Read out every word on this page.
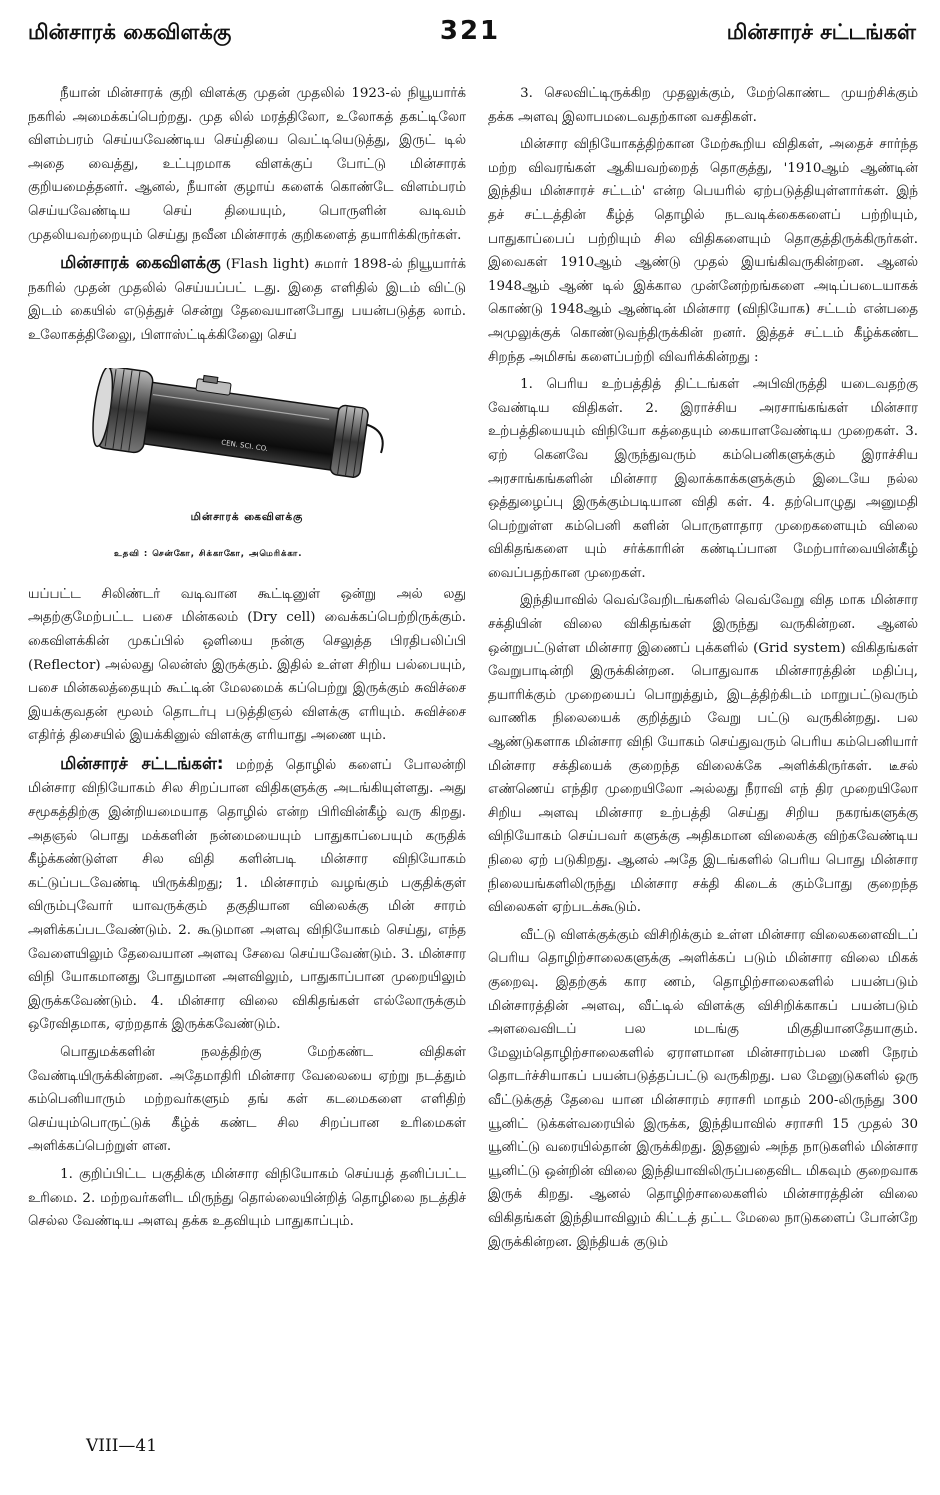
மின்சாரக் கைவிளக்கு	321	மின்சாரச் சட்டங்கள்

நீயான் மின்சாரக் குறி விளக்கு முதன் முதலில் 1923-ல் நியூயார்க் நகரில் அமைக்கப்பெற்றது. முத லில் மரத்திலோ, உலோகத் தகட்டிலோ விளம்பரம் செய்யவேண்டிய செய்தியை வெட்டியெடுத்து, இருட் டில் அதை வைத்து, உட்புறமாக விளக்குப் போட்டு மின்சாரக் குறியமைத்தனர். ஆனல், நீயான் குழாய் களைக் கொண்டே விளம்பரம் செய்யவேண்டிய செய் தியையும், பொருளின் வடிவம் முதலியவற்றையும் செய்து நவீன மின்சாரக் குறிகளைத் தயாரிக்கிருர்கள்.

மின்சாரக் கைவிளக்கு (Flash light) சுமார் 1898-ல் நியூயார்க் நகரில் முதன் முதலில் செய்யப்பட் டது. இதை எளிதில் இடம் விட்டு இடம் கையில் எடுத்துச் சென்று தேவையானபோது பயன்படுத்த லாம். உலோகத்திலுைே, பிளாஸ்ட்டிக்கிலுைே செய்

CEN. SCI. CO.
மின்சாரக் கைவிளக்கு
உதவி : சென்கோ, சிக்காகோ, அமெரிக்கா.

யப்பட்ட சிலிண்டர் வடிவான கூட்டினுள் ஒன்று அல் லது அதற்குமேற்பட்ட பசை மின்கலம் (Dry cell) வைக்கப்பெற்றிருக்கும். கைவிளக்கின் முகப்பில் ஒளியை நன்கு செலுத்த பிரதிபலிப்பி (Reflector) அல்லது லென்ஸ் இருக்கும். இதில் உள்ள சிறிய பல்பையும், பசை மின்கலத்தையும் கூட்டின் மேலமைக் கப்பெற்று இருக்கும் சுவிச்சை இயக்குவதன் மூலம் தொடர்பு படுத்திஞல் விளக்கு எரியும். சுவிச்சை எதிர்த் திசையில் இயக்கினுல் விளக்கு எரியாது அணை யும்.

மின்சாரச் சட்டங்கள்: மற்றத் தொழில் களைப் போலன்றி மின்சார விநியோகம் சில சிறப்பான விதிகளுக்கு அடங்கியுள்ளது. அது சமூகத்திற்கு இன்றியமையாத தொழில் என்ற பிரிவின்கீழ் வரு கிறது. அதஞல் பொது மக்களின் நன்மையையும் பாதுகாப்பையும் கருதிக் கீழ்க்கண்டுள்ள சில விதி களின்படி மின்சார விநியோகம் கட்டுப்படவேண்டி யிருக்கிறது; 1. மின்சாரம் வழங்கும் பகுதிக்குள் விரும்புவோர் யாவருக்கும் தகுதியான விலைக்கு மின் சாரம் அளிக்கப்படவேண்டும். 2. கூடுமான அளவு விநியோகம் செய்து, எந்த வேளையிலும் தேவையான அளவு சேவை செய்யவேண்டும். 3. மின்சார விநி யோகமானது போதுமான அளவிலும், பாதுகாப்பான முறையிலும் இருக்கவேண்டும். 4. மின்சார விலை விகிதங்கள் எல்லோருக்கும் ஒரேவிதமாக, ஏற்றதாக் இருக்கவேண்டும்.

பொதுமக்களின் நலத்திற்கு மேற்கண்ட விதிகள் வேண்டியிருக்கின்றன. அதேமாதிரி மின்சார வேலையை ஏற்று நடத்தும் கம்பெனியாரும் மற்றவர்களும் தங் கள் கடமைகளை எளிதிற் செய்யும்பொருட்டுக் கீழ்க் கண்ட சில சிறப்பான உரிமைகள் அளிக்கப்பெற்றுள் ளன.

1. குறிப்பிட்ட பகுதிக்கு மின்சார விநியோகம் செய்யத் தனிப்பட்ட உரிமை. 2. மற்றவர்களிட மிருந்து தொல்லையின்றித் தொழிலை நடத்திச் செல்ல வேண்டிய அளவு தக்க உதவியும் பாதுகாப்பும்.

3. செலவிட்டிருக்கிற முதலுக்கும், மேற்கொண்ட முயற்சிக்கும் தக்க அளவு இலாபமடைவதற்கான வசதிகள்.

மின்சார விநியோகத்திற்கான மேற்கூறிய விதிகள், அதைச் சார்ந்த மற்ற விவரங்கள் ஆகியவற்றைத் தொகுத்து, '1910ஆம் ஆண்டின் இந்திய மின்சாரச் சட்டம்' என்ற பெயரில் ஏற்படுத்தியுள்ளார்கள். இந் தச் சட்டத்தின் கீழ்த் தொழில் நடவடிக்கைகளைப் பற்றியும், பாதுகாப்பைப் பற்றியும் சில விதிகளையும் தொகுத்திருக்கிருர்கள். இவைகள் 1910ஆம் ஆண்டு முதல் இயங்கிவருகின்றன. ஆனல் 1948ஆம் ஆண் டில் இக்கால முன்னேற்றங்களை அடிப்படையாகக் கொண்டு 1948ஆம் ஆண்டின் மின்சார (விநியோக) சட்டம் என்பதை அமுலுக்குக் கொண்டுவந்திருக்கின் றனர். இத்தச் சட்டம் கீழ்க்கண்ட சிறந்த அமிசங் களைப்பற்றி விவரிக்கின்றது :

1. பெரிய உற்பத்தித் திட்டங்கள் அபிவிருத்தி யடைவதற்கு வேண்டிய விதிகள். 2. இராச்சிய அரசாங்கங்கள் மின்சார உற்பத்தியையும் விநியோ கத்தையும் கையாளவேண்டிய முறைகள். 3. ஏற் கெனவே இருந்துவரும் கம்பெனிகளுக்கும் இராச்சிய அரசாங்கங்களின் மின்சார இலாக்காக்களுக்கும் இடையே நல்ல ஒத்துழைப்பு இருக்கும்படியான விதி கள். 4. தற்பொழுது அனுமதி பெற்றுள்ள கம்பெனி களின் பொருளாதார முறைகளையும் விலை விகிதங்களை யும் சர்க்காரின் கண்டிப்பான மேற்பார்வையின்கீழ் வைப்பதற்கான முறைகள்.

இந்தியாவில் வெவ்வேறிடங்களில் வெவ்வேறு வித மாக மின்சார சக்தியின் விலை விகிதங்கள் இருந்து வருகின்றன. ஆனல் ஒன்றுபட்டுள்ள மின்சார இணைப் புக்களில் (Grid system) விகிதங்கள் வேறுபாடின்றி இருக்கின்றன. பொதுவாக மின்சாரத்தின் மதிப்பு, தயாரிக்கும் முறையைப் பொறுத்தும், இடத்திற்கிடம் மாறுபட்டுவரும் வாணிக நிலையைக் குறித்தும் வேறு பட்டு வருகின்றது. பல ஆண்டுகளாக மின்சார விநி யோகம் செய்துவரும் பெரிய கம்பெனியார் மின்சார சக்தியைக் குறைந்த விலைக்கே அளிக்கிருர்கள். டீசல் எண்ணெய் எந்திர முறையிலோ அல்லது நீராவி எந் திர முறையிலோ சிறிய அளவு மின்சார உற்பத்தி செய்து சிறிய நகரங்களுக்கு விநியோகம் செய்பவர் களுக்கு அதிகமான விலைக்கு விற்கவேண்டிய நிலை ஏற் படுகிறது. ஆனல் அதே இடங்களில் பெரிய பொது மின்சார நிலையங்களிலிருந்து மின்சார சக்தி கிடைக் கும்போது குறைந்த விலைகள் ஏற்படக்கூடும்.

வீட்டு விளக்குக்கும் விசிறிக்கும் உள்ள மின்சார விலைகளைவிடப் பெரிய தொழிற்சாலைகளுக்கு அளிக்கப் படும் மின்சார விலை மிகக் குறைவு. இதற்குக் கார ணம், தொழிற்சாலைகளில் பயன்படும் மின்சாரத்தின் அளவு, வீட்டில் விளக்கு விசிறிக்காகப் பயன்படும் அளவைவிடப் பல மடங்கு மிகுதியானதேயாகும். மேலும்தொழிற்சாலைகளில் ஏராளமான மின்சாரம்பல மணி நேரம் தொடர்ச்சியாகப் பயன்படுத்தப்பட்டு வருகிறது. பல மேனுடுகளில் ஒரு வீட்டுக்குத் தேவை யான மின்சாரம் சராசரி மாதம் 200-லிருந்து 300 யூனிட் டுக்கள்வரையில் இருக்க, இந்தியாவில் சராசரி 15 முதல் 30 யூனிட்டு வரையில்தான் இருக்கிறது. இதனுல் அந்த நாடுகளில் மின்சார யூனிட்டு ஒன்றின் விலை இந்தியாவிலிருப்பதைவிட மிகவும் குறைவாக இருக் கிறது. ஆனல் தொழிற்சாலைகளில் மின்சாரத்தின் விலை விகிதங்கள் இந்தியாவிலும் கிட்டத் தட்ட மேலை நாடுகளைப் போன்றே இருக்கின்றன. இந்தியக் குடும்

VIII—41
